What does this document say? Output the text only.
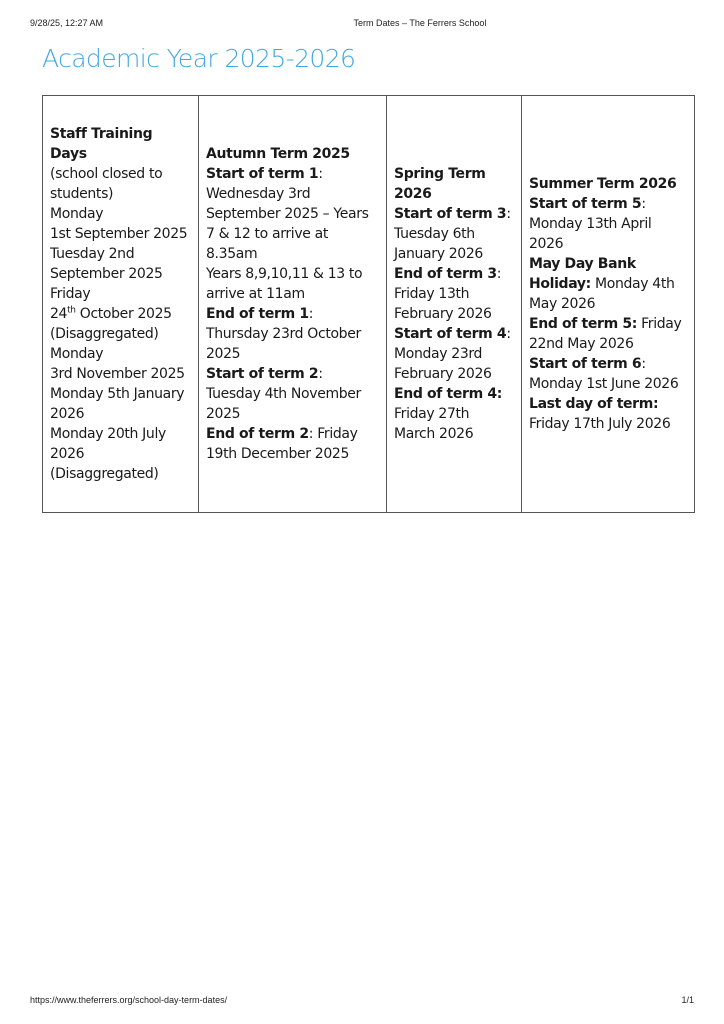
9/28/25, 12:27 AM	Term Dates – The Ferrers School
Academic Year 2025-2026
Staff Training Days
(school closed to students)
Monday
1st September 2025
Tuesday 2nd September 2025
Friday
24th October 2025
(Disaggregated)
Monday
3rd November 2025
Monday 5th January 2026
Monday 20th July 2026
(Disaggregated)

Autumn Term 2025
Start of term 1:
Wednesday 3rd September 2025 – Years 7 & 12 to arrive at 8.35am
Years 8,9,10,11 & 13 to arrive at 11am
End of term 1:
Thursday 23rd October 2025
Start of term 2:
Tuesday 4th November 2025
End of term 2: Friday 19th December 2025

Spring Term 2026
Start of term 3: Tuesday 6th January 2026
End of term 3:
Friday 13th February 2026
Start of term 4: Monday 23rd February 2026
End of term 4: Friday 27th March 2026

Summer Term 2026
Start of term 5:
Monday 13th April 2026
May Day Bank Holiday: Monday 4th May 2026
End of term 5: Friday 22nd May 2026
Start of term 6:
Monday 1st June 2026
Last day of term: Friday 17th July 2026
https://www.theferrers.org/school-day-term-dates/	1/1
